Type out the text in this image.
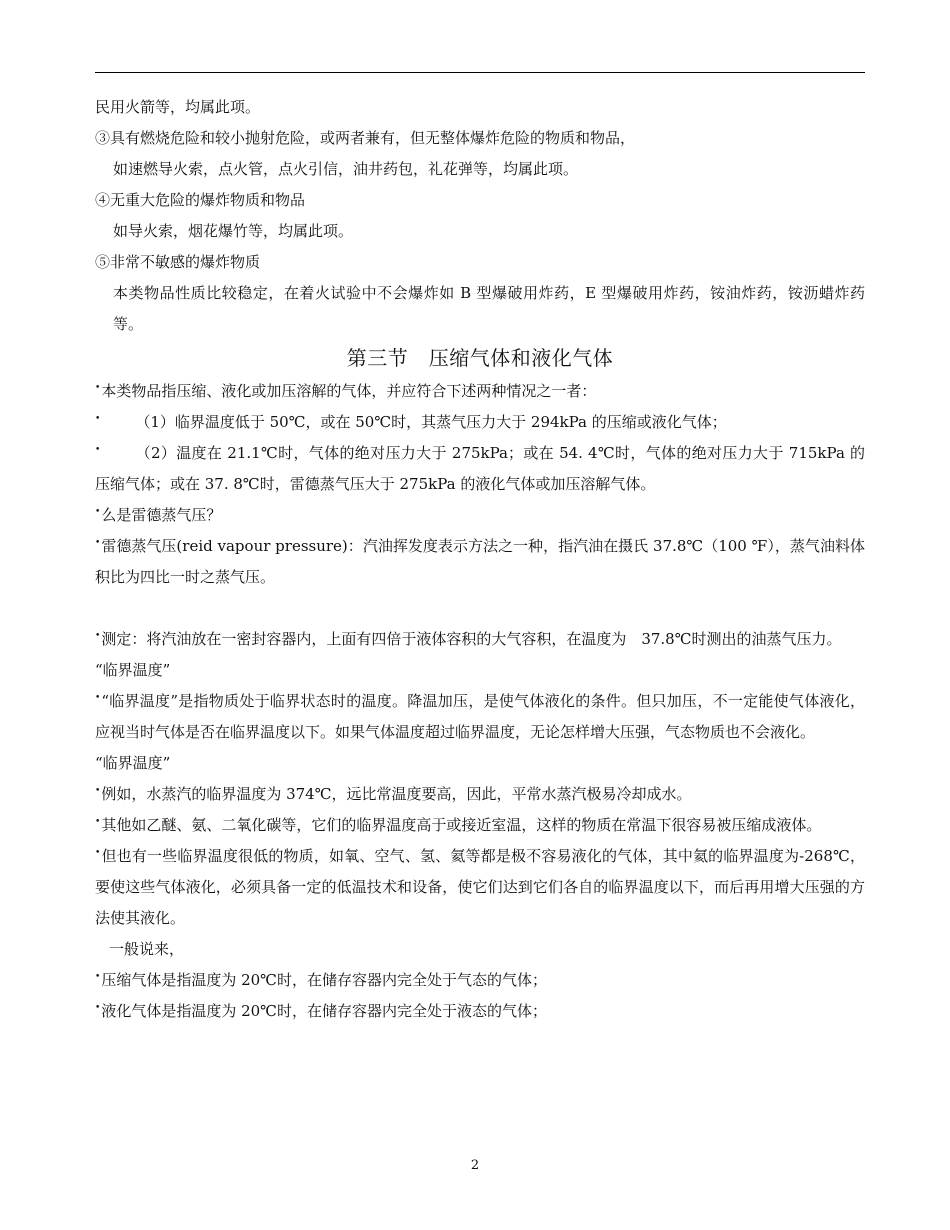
民用火箭等，均属此项。

③具有燃烧危险和较小抛射危险，或两者兼有，但无整体爆炸危险的物质和物品，

如速燃导火索，点火管，点火引信，油井药包，礼花弹等，均属此项。

④无重大危险的爆炸物质和物品

如导火索，烟花爆竹等，均属此项。

⑤非常不敏感的爆炸物质

本类物品性质比较稳定，在着火试验中不会爆炸如 B 型爆破用炸药，E 型爆破用炸药，铵油炸药，铵沥蜡炸药等。

第三节　压缩气体和液化气体

•本类物品指压缩、液化或加压溶解的气体，并应符合下述两种情况之一者：

• （1）临界温度低于 50℃，或在 50℃时，其蒸气压力大于 294kPa 的压缩或液化气体；

• （2）温度在 21.1℃时，气体的绝对压力大于 275kPa；或在 54. 4℃时，气体的绝对压力大于 715kPa 的压缩气体；或在 37. 8℃时，雷德蒸气压大于 275kPa 的液化气体或加压溶解气体。

•么是雷德蒸气压？

•雷德蒸气压(reid vapour pressure)：汽油挥发度表示方法之一种，指汽油在摄氏 37.8℃（100 ℉），蒸气油料体积比为四比一时之蒸气压。

•测定：将汽油放在一密封容器内，上面有四倍于液体容积的大气容积，在温度为　37.8℃时测出的油蒸气压力。

“临界温度”

•“临界温度”是指物质处于临界状态时的温度。降温加压，是使气体液化的条件。但只加压，不一定能使气体液化，应视当时气体是否在临界温度以下。如果气体温度超过临界温度，无论怎样增大压强，气态物质也不会液化。

“临界温度”

•例如，水蒸汽的临界温度为 374℃，远比常温度要高，因此，平常水蒸汽极易冷却成水。

•其他如乙醚、氨、二氧化碳等，它们的临界温度高于或接近室温，这样的物质在常温下很容易被压缩成液体。

•但也有一些临界温度很低的物质，如氧、空气、氢、氦等都是极不容易液化的气体，其中氦的临界温度为-268℃，要使这些气体液化，必须具备一定的低温技术和设备，使它们达到它们各自的临界温度以下，而后再用增大压强的方法使其液化。

一般说来，

•压缩气体是指温度为 20℃时，在储存容器内完全处于气态的气体；

•液化气体是指温度为 20℃时，在储存容器内完全处于液态的气体；

2
